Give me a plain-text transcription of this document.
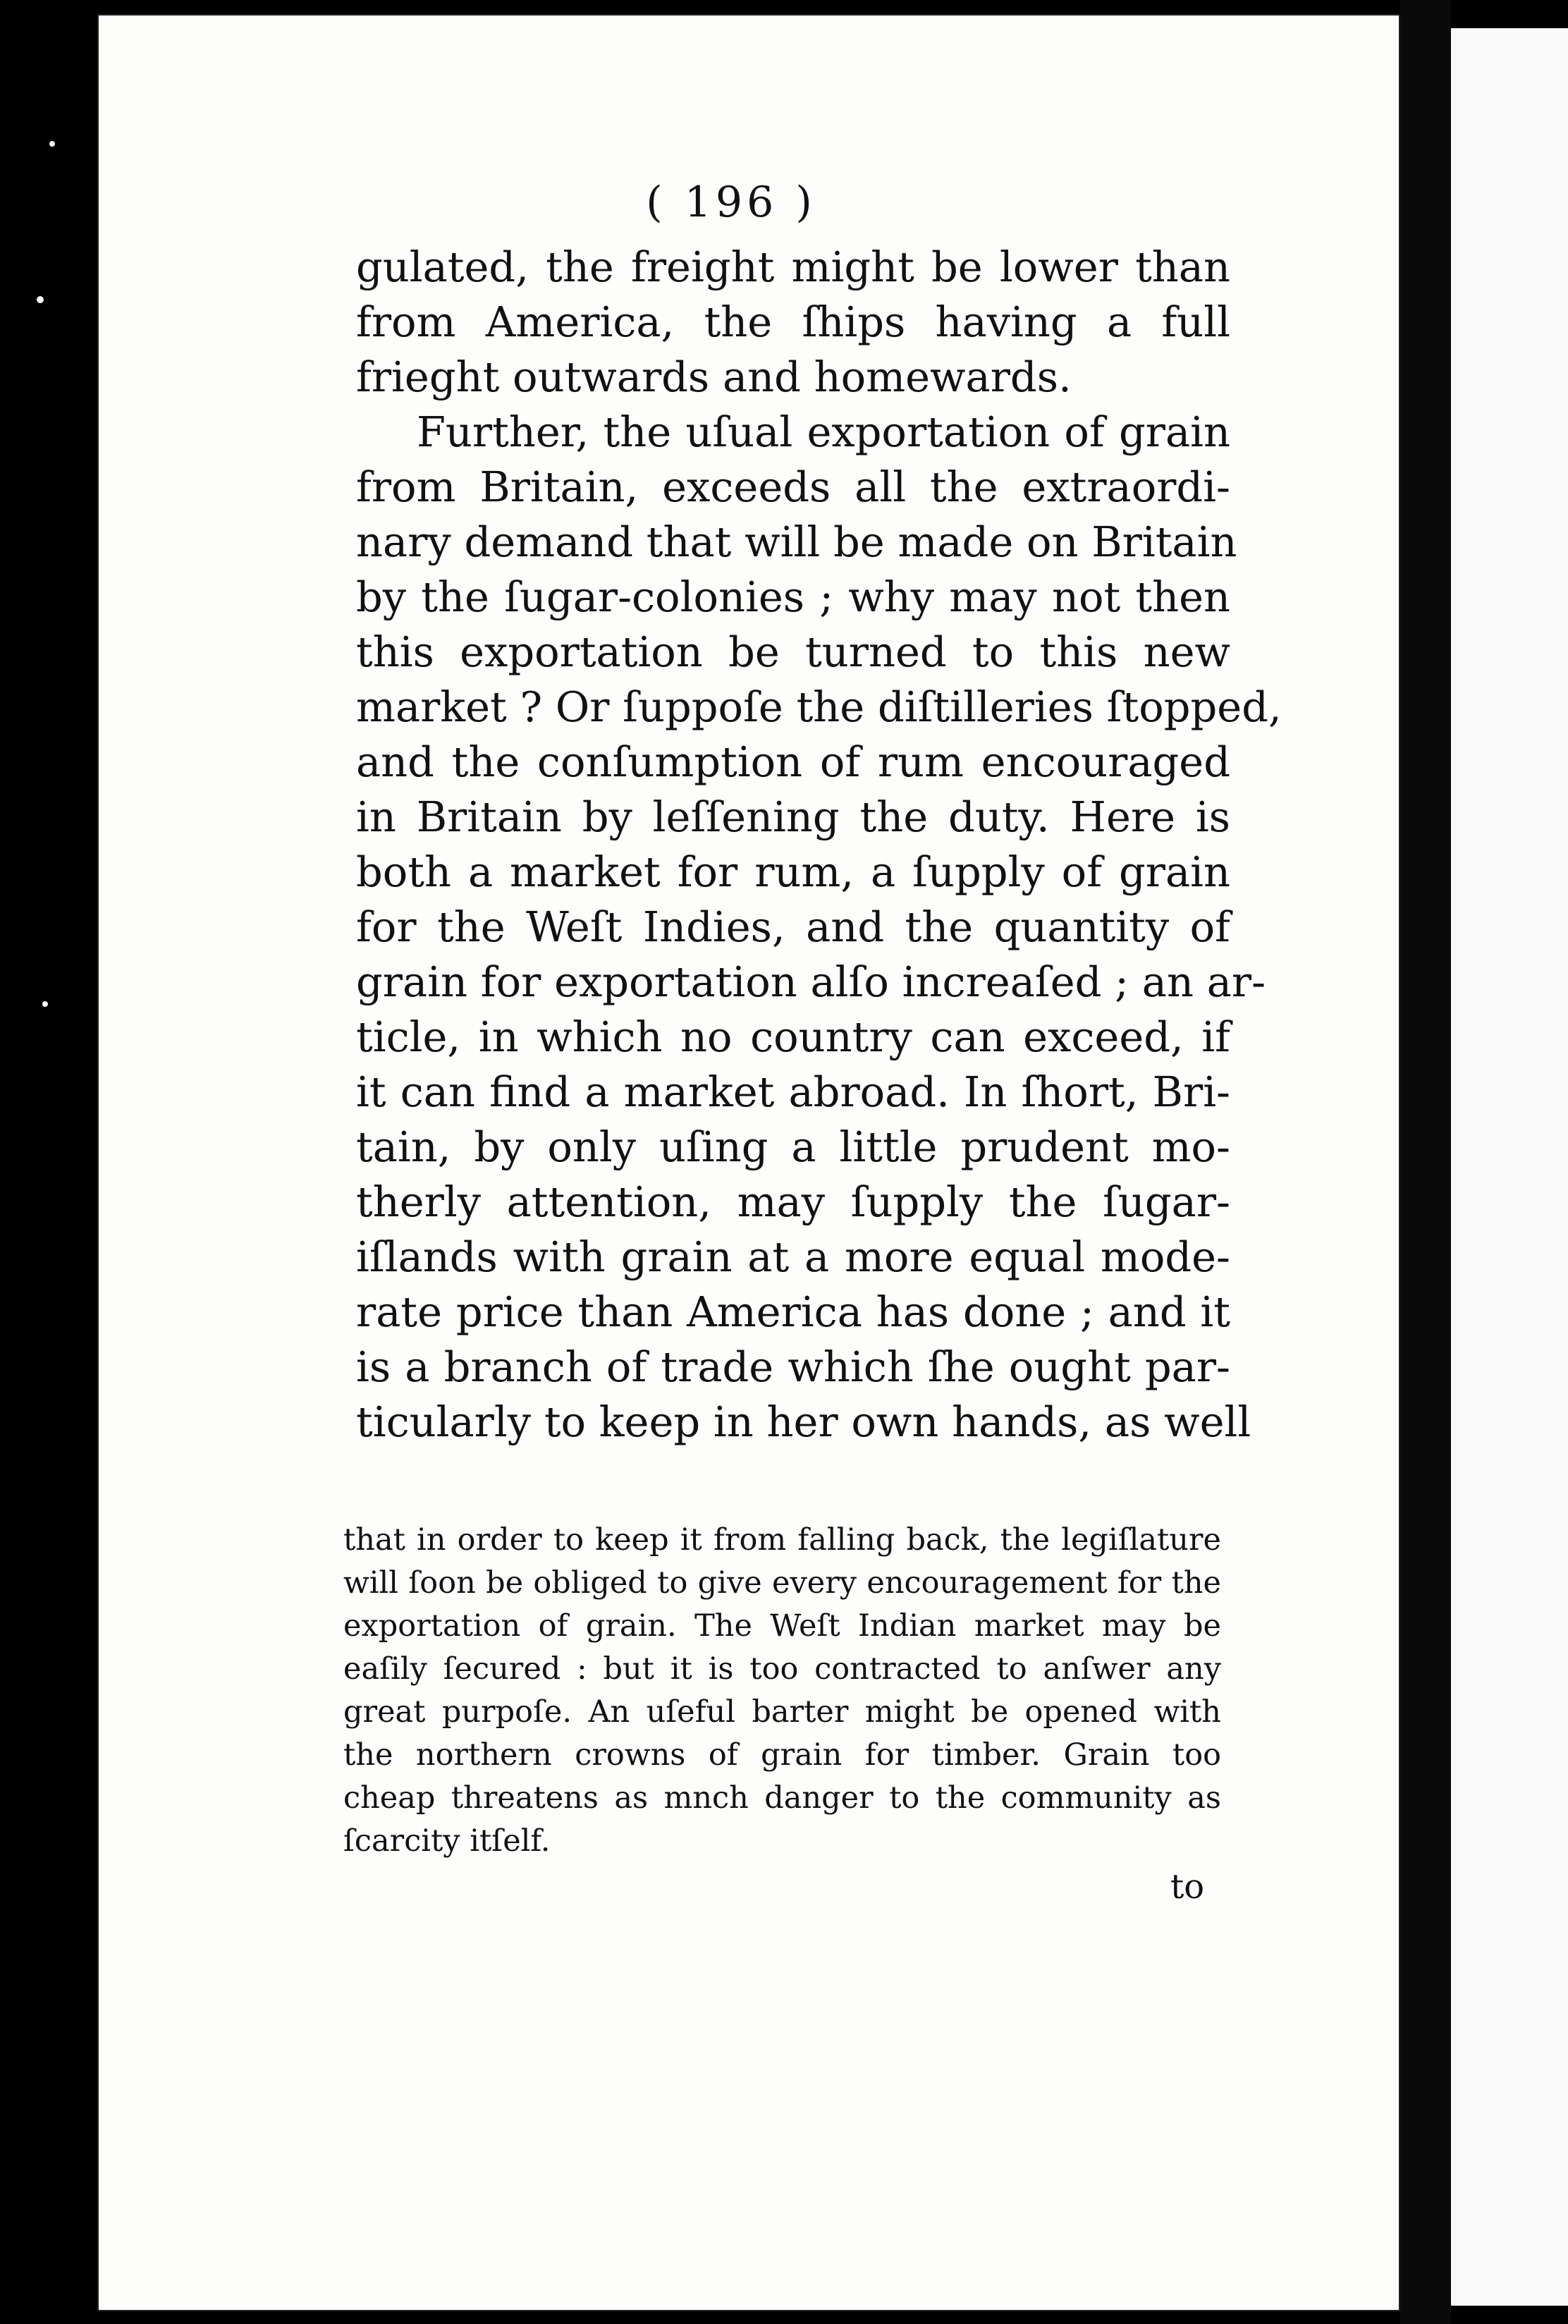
( 196 )
gulated, the freight might be lower than
from America, the ſhips having a full
frieght outwards and homewards.
Further, the uſual exportation of grain
from Britain, exceeds all the extraordi-
nary demand that will be made on Britain
by the ſugar-colonies ; why may not then
this exportation be turned to this new
market ? Or ſuppoſe the diſtilleries ſtopped,
and the conſumption of rum encouraged
in Britain by leſſening the duty. Here is
both a market for rum, a ſupply of grain
for the Weſt Indies, and the quantity of
grain for exportation alſo increaſed ; an ar-
ticle, in which no country can exceed, if
it can find a market abroad. In ſhort, Bri-
tain, by only uſing a little prudent mo-
therly attention, may ſupply the ſugar-
iſlands with grain at a more equal mode-
rate price than America has done ; and it
is a branch of trade which ſhe ought par-
ticularly to keep in her own hands, as well
that in order to keep it from falling back, the legiſlature
will ſoon be obliged to give every encouragement for the
exportation of grain. The Weſt Indian market may be
eaſily ſecured : but it is too contracted to anſwer any
great purpoſe. An uſeful barter might be opened with
the northern crowns of grain for timber. Grain too
cheap threatens as mnch danger to the community as
ſcarcity itſelf.
to
